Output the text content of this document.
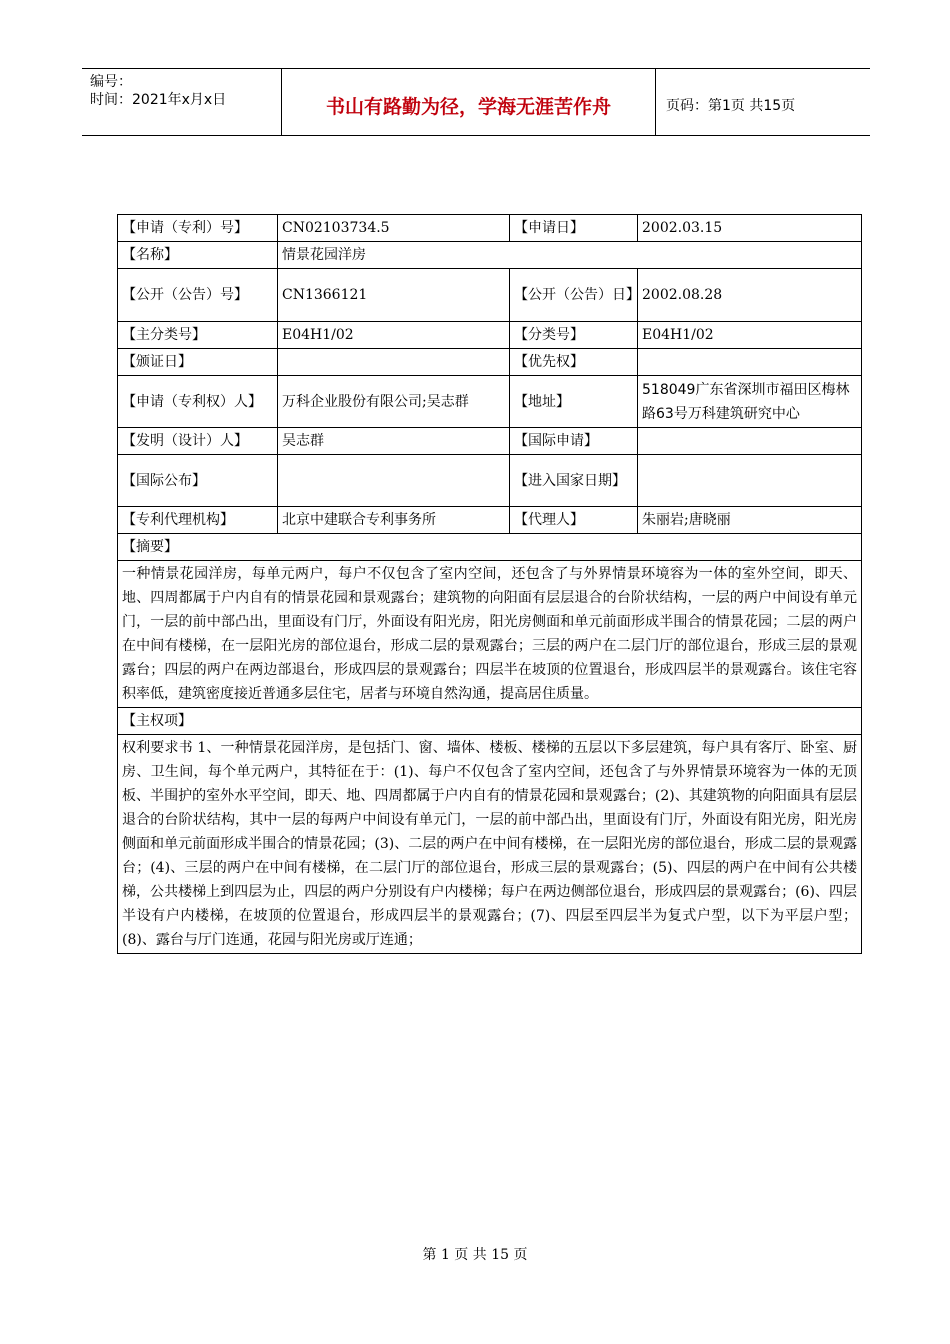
编号：
时间：2021年x月x日	书山有路勤为径，学海无涯苦作舟	页码：第1页 共15页
【申请（专利）号】	CN02103734.5	【申请日】	2002.03.15
【名称】	情景花园洋房		
【公开（公告）号】	CN1366121	【公开（公告）日】	2002.08.28
【主分类号】	E04H1/02	【分类号】	E04H1/02
【颁证日】		【优先权】	
【申请（专利权）人】	万科企业股份有限公司;吴志群	【地址】	518049广东省深圳市福田区梅林路63号万科建筑研究中心
【发明（设计）人】	吴志群	【国际申请】	
【国际公布】		【进入国家日期】	
【专利代理机构】	北京中建联合专利事务所	【代理人】	朱丽岩;唐晓丽
【摘要】			
一种情景花园洋房，每单元两户，每户不仅包含了室内空间，还包含了与外界情景环境容为一体的室外空间，即天、地、四周都属于户内自有的情景花园和景观露台；建筑物的向阳面有层层退合的台阶状结构，一层的两户中间设有单元门，一层的前中部凸出，里面设有门厅，外面设有阳光房，阳光房侧面和单元前面形成半围合的情景花园；二层的两户在中间有楼梯，在一层阳光房的部位退台，形成二层的景观露台；三层的两户在二层门厅的部位退台，形成三层的景观露台；四层的两户在两边部退台，形成四层的景观露台；四层半在坡顶的位置退台，形成四层半的景观露台。该住宅容积率低，建筑密度接近普通多层住宅，居者与环境自然沟通，提高居住质量。			
【主权项】			
权利要求书 1、一种情景花园洋房，是包括门、窗、墙体、楼板、楼梯的五层以下多层建筑，每户具有客厅、卧室、厨房、卫生间，每个单元两户，其特征在于：(1)、每户不仅包含了室内空间，还包含了与外界情景环境容为一体的无顶板、半围护的室外水平空间，即天、地、四周都属于户内自有的情景花园和景观露台；(2)、其建筑物的向阳面具有层层退合的台阶状结构，其中一层的每两户中间设有单元门，一层的前中部凸出，里面设有门厅，外面设有阳光房，阳光房侧面和单元前面形成半围合的情景花园；(3)、二层的两户在中间有楼梯，在一层阳光房的部位退台，形成二层的景观露台；(4)、三层的两户在中间有楼梯，在二层门厅的部位退台，形成三层的景观露台；(5)、四层的两户在中间有公共楼梯，公共楼梯上到四层为止，四层的两户分别设有户内楼梯；每户在两边侧部位退台，形成四层的景观露台；(6)、四层半设有户内楼梯，在坡顶的位置退台，形成四层半的景观露台；(7)、四层至四层半为复式户型，以下为平层户型；(8)、露台与厅门连通，花园与阳光房或厅连通；			
第 1 页 共 15 页
